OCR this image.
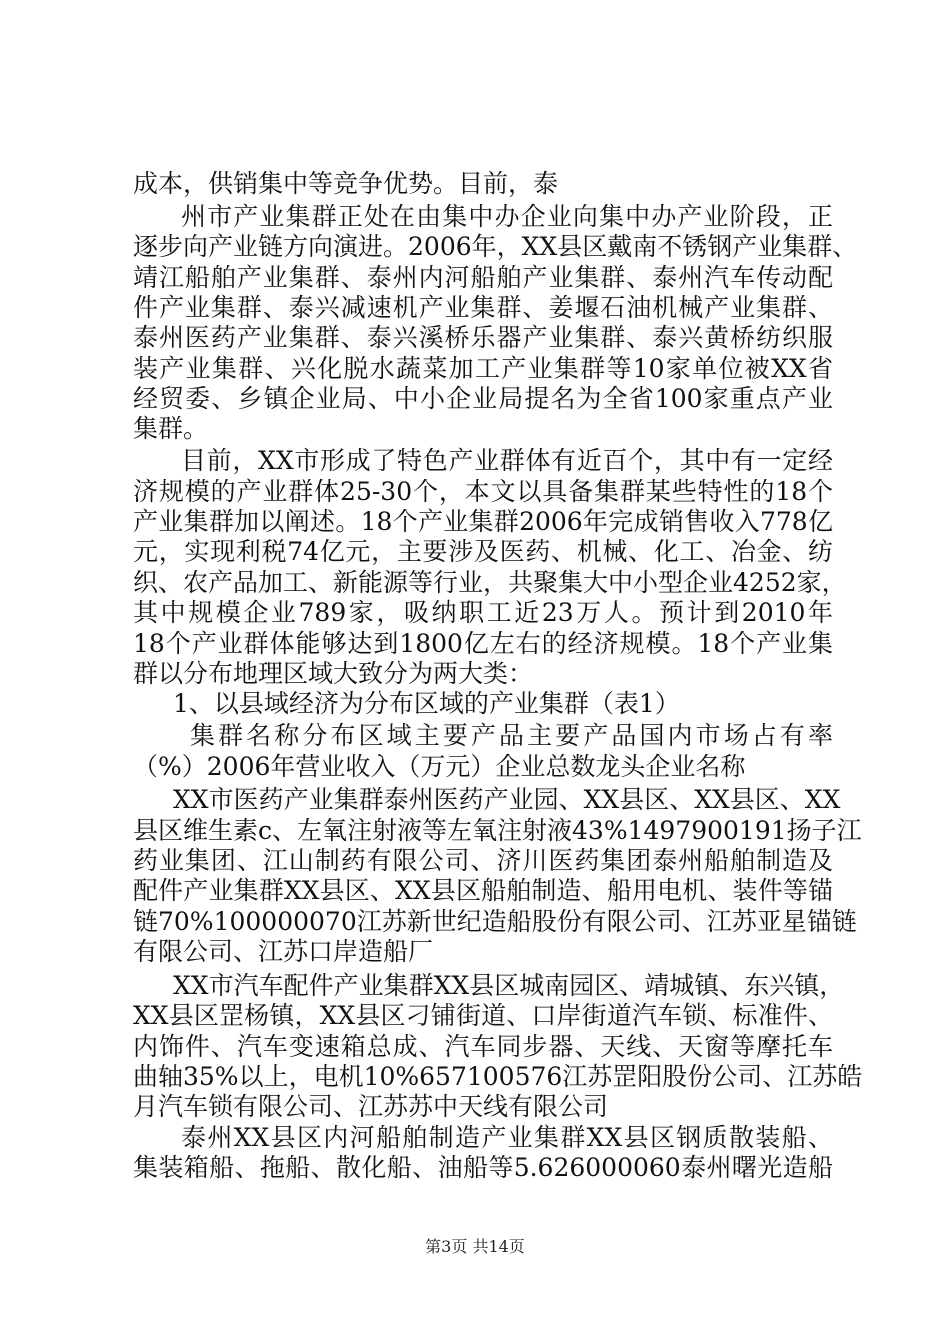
成本，供销集中等竞争优势。目前，泰
州市产业集群正处在由集中办企业向集中办产业阶段，正
逐步向产业链方向演进。2006年，XX县区戴南不锈钢产业集群、
靖江船舶产业集群、泰州内河船舶产业集群、泰州汽车传动配
件产业集群、泰兴减速机产业集群、姜堰石油机械产业集群、
泰州医药产业集群、泰兴溪桥乐器产业集群、泰兴黄桥纺织服
装产业集群、兴化脱水蔬菜加工产业集群等10家单位被XX省
经贸委、乡镇企业局、中小企业局提名为全省100家重点产业
集群。
目前，XX市形成了特色产业群体有近百个，其中有一定经
济规模的产业群体25-30个，本文以具备集群某些特性的18个
产业集群加以阐述。18个产业集群2006年完成销售收入778亿
元，实现利税74亿元，主要涉及医药、机械、化工、冶金、纺
织、农产品加工、新能源等行业，共聚集大中小型企业4252家，
其中规模企业789家，吸纳职工近23万人。预计到2010年
18个产业群体能够达到1800亿左右的经济规模。18个产业集
群以分布地理区域大致分为两大类：
1、以县域经济为分布区域的产业集群（表1）
集群名称分布区域主要产品主要产品国内市场占有率
（%）2006年营业收入（万元）企业总数龙头企业名称
XX市医药产业集群泰州医药产业园、XX县区、XX县区、XX
县区维生素c、左氧注射液等左氧注射液43%1497900191扬子江
药业集团、江山制药有限公司、济川医药集团泰州船舶制造及
配件产业集群XX县区、XX县区船舶制造、船用电机、装件等锚
链70%100000070江苏新世纪造船股份有限公司、江苏亚星锚链
有限公司、江苏口岸造船厂
XX市汽车配件产业集群XX县区城南园区、靖城镇、东兴镇，
XX县区罡杨镇，XX县区刁铺街道、口岸街道汽车锁、标准件、
内饰件、汽车变速箱总成、汽车同步器、天线、天窗等摩托车
曲轴35%以上，电机10%657100576江苏罡阳股份公司、江苏皓
月汽车锁有限公司、江苏苏中天线有限公司
泰州XX县区内河船舶制造产业集群XX县区钢质散装船、
集装箱船、拖船、散化船、油船等5.626000060泰州曙光造船
第3页 共14页
